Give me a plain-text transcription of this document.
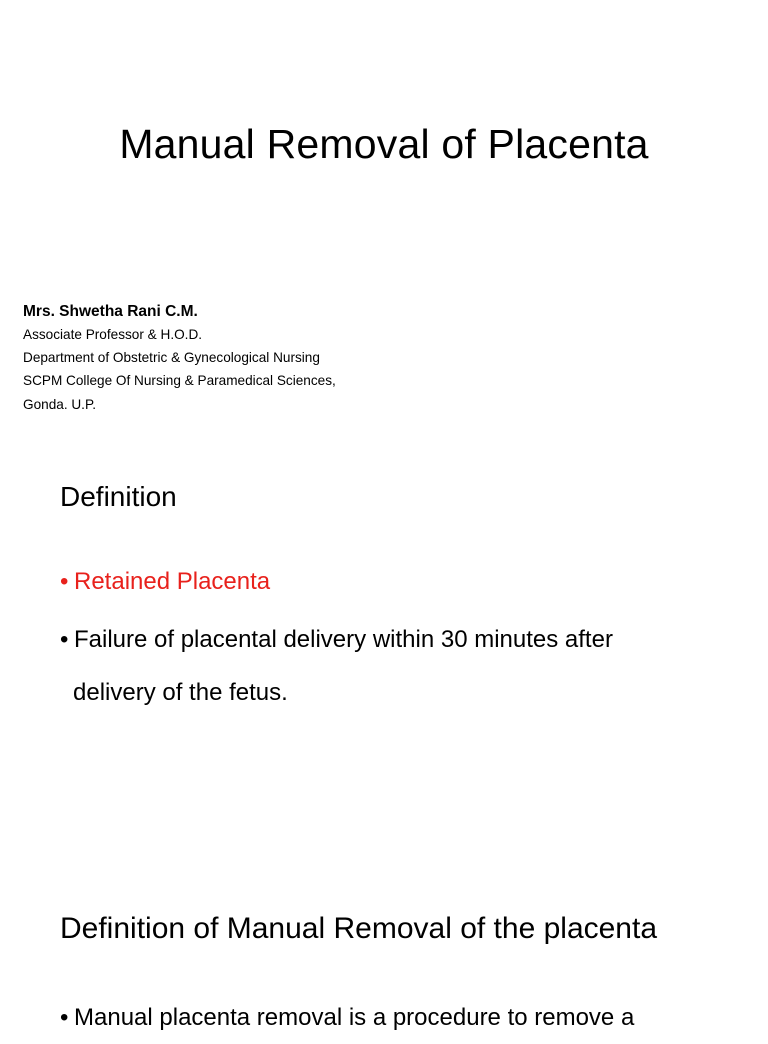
Manual Removal of Placenta
Mrs. Shwetha Rani C.M.
Associate Professor & H.O.D.
Department of Obstetric & Gynecological Nursing
SCPM College Of Nursing & Paramedical Sciences,
Gonda. U.P.
Definition
• Retained Placenta
• Failure of placental delivery within 30 minutes after
delivery of the fetus.
Definition of Manual Removal of the placenta
• Manual placenta removal is a procedure to remove a
